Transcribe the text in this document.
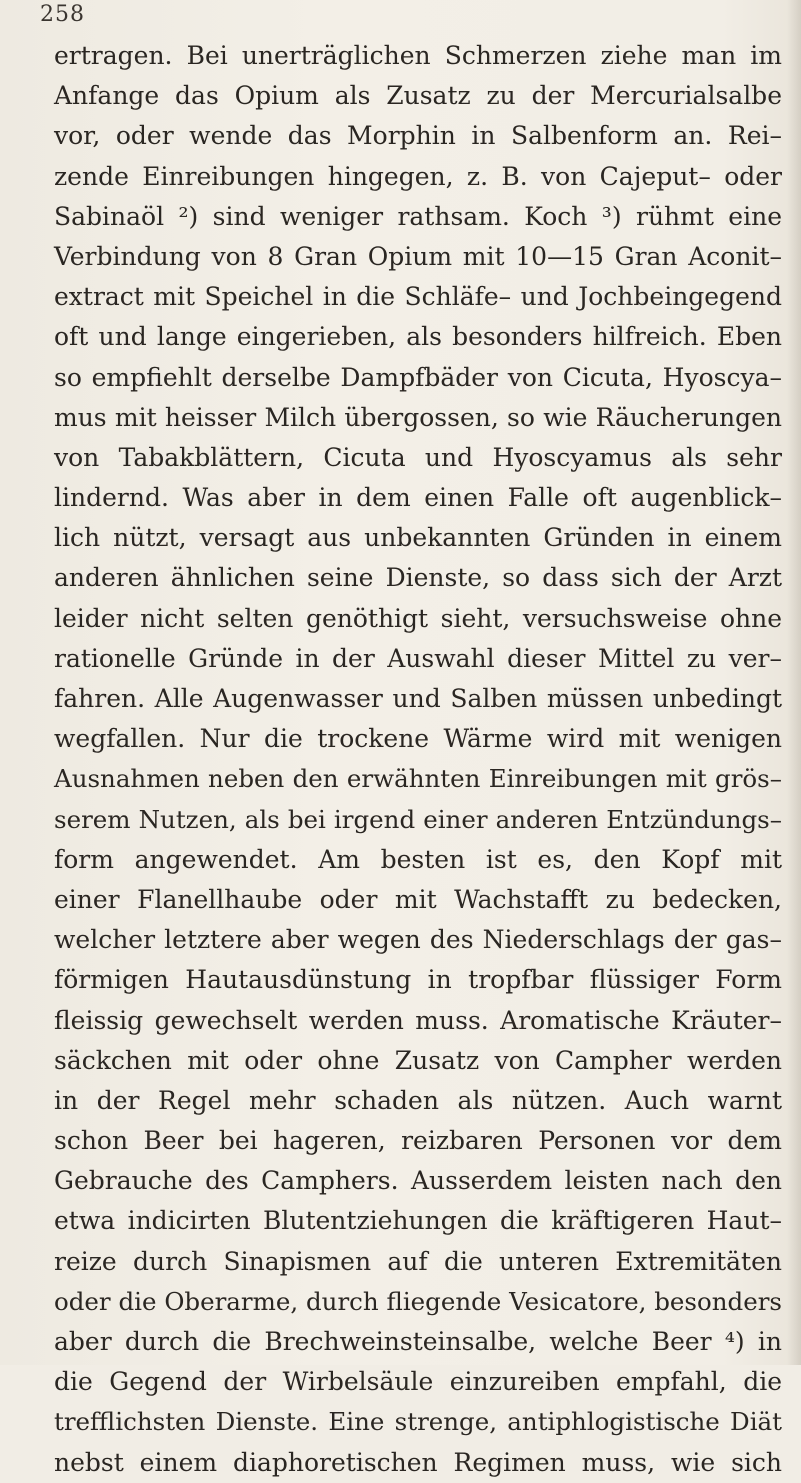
258
ertragen. Bei unerträglichen Schmerzen ziehe man im
Anfange das Opium als Zusatz zu der Mercurialsalbe
vor, oder wende das Morphin in Salbenform an. Rei–
zende Einreibungen hingegen, z. B. von Cajeput– oder
Sabinaöl ²) sind weniger rathsam. Koch ³) rühmt eine
Verbindung von 8 Gran Opium mit 10—15 Gran Aconit–
extract mit Speichel in die Schläfe– und Jochbeingegend
oft und lange eingerieben, als besonders hilfreich. Eben
so empfiehlt derselbe Dampfbäder von Cicuta, Hyoscya–
mus mit heisser Milch übergossen, so wie Räucherungen
von Tabakblättern, Cicuta und Hyoscyamus als sehr
lindernd. Was aber in dem einen Falle oft augenblick–
lich nützt, versagt aus unbekannten Gründen in einem
anderen ähnlichen seine Dienste, so dass sich der Arzt
leider nicht selten genöthigt sieht, versuchsweise ohne
rationelle Gründe in der Auswahl dieser Mittel zu ver–
fahren. Alle Augenwasser und Salben müssen unbedingt
wegfallen. Nur die trockene Wärme wird mit wenigen
Ausnahmen neben den erwähnten Einreibungen mit grös–
serem Nutzen, als bei irgend einer anderen Entzündungs–
form angewendet. Am besten ist es, den Kopf mit
einer Flanellhaube oder mit Wachstafft zu bedecken,
welcher letztere aber wegen des Niederschlags der gas–
förmigen Hautausdünstung in tropfbar flüssiger Form
fleissig gewechselt werden muss. Aromatische Kräuter–
säckchen mit oder ohne Zusatz von Campher werden
in der Regel mehr schaden als nützen. Auch warnt
schon Beer bei hageren, reizbaren Personen vor dem
Gebrauche des Camphers. Ausserdem leisten nach den
etwa indicirten Blutentziehungen die kräftigeren Haut–
reize durch Sinapismen auf die unteren Extremitäten
oder die Oberarme, durch fliegende Vesicatore, besonders
aber durch die Brechweinsteinsalbe, welche Beer ⁴) in
die Gegend der Wirbelsäule einzureiben empfahl, die
trefflichsten Dienste. Eine strenge, antiphlogistische Diät
nebst einem diaphoretischen Regimen muss, wie sich
